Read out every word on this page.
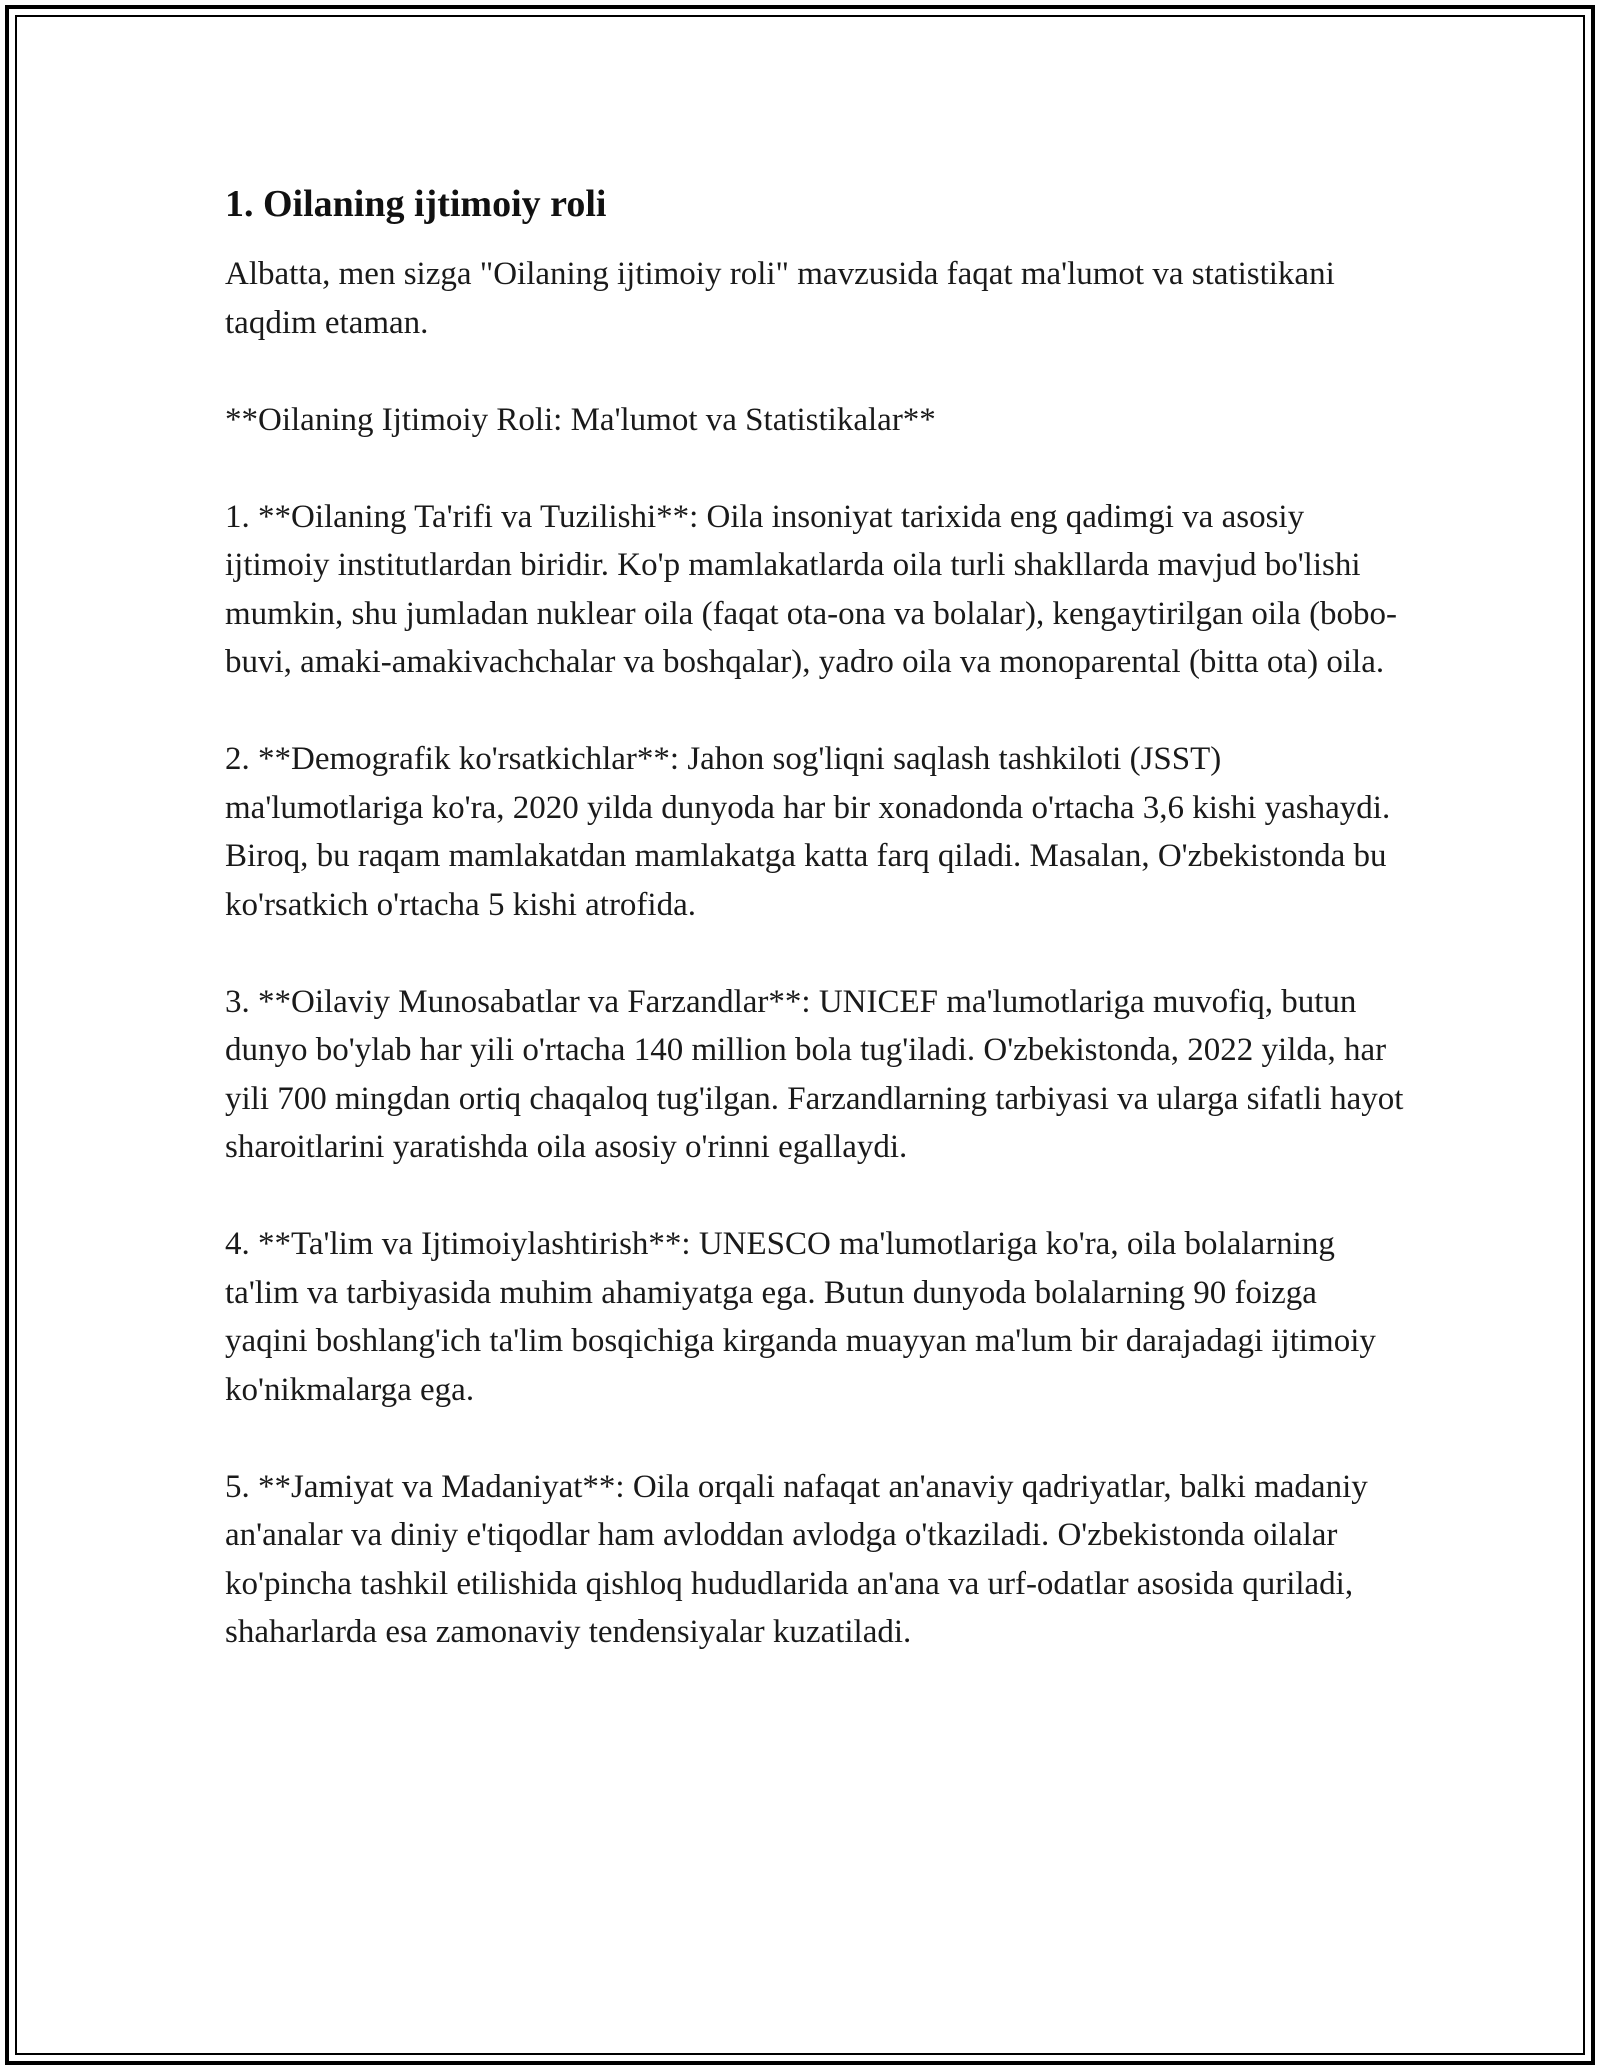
1. Oilaning ijtimoiy roli

Albatta, men sizga "Oilaning ijtimoiy roli" mavzusida faqat ma'lumot va statistikani taqdim etaman.

**Oilaning Ijtimoiy Roli: Ma'lumot va Statistikalar**

1. **Oilaning Ta'rifi va Tuzilishi**: Oila insoniyat tarixida eng qadimgi va asosiy ijtimoiy institutlardan biridir. Ko'p mamlakatlarda oila turli shakllarda mavjud bo'lishi mumkin, shu jumladan nuklear oila (faqat ota-ona va bolalar), kengaytirilgan oila (bobo-buvi, amaki-amakivachchalar va boshqalar), yadro oila va monoparental (bitta ota) oila.

2. **Demografik ko'rsatkichlar**: Jahon sog'liqni saqlash tashkiloti (JSST) ma'lumotlariga ko'ra, 2020 yilda dunyoda har bir xonadonda o'rtacha 3,6 kishi yashaydi. Biroq, bu raqam mamlakatdan mamlakatga katta farq qiladi. Masalan, O'zbekistonda bu ko'rsatkich o'rtacha 5 kishi atrofida.

3. **Oilaviy Munosabatlar va Farzandlar**: UNICEF ma'lumotlariga muvofiq, butun dunyo bo'ylab har yili o'rtacha 140 million bola tug'iladi. O'zbekistonda, 2022 yilda, har yili 700 mingdan ortiq chaqaloq tug'ilgan. Farzandlarning tarbiyasi va ularga sifatli hayot sharoitlarini yaratishda oila asosiy o'rinni egallaydi.

4. **Ta'lim va Ijtimoiylashtirish**: UNESCO ma'lumotlariga ko'ra, oila bolalarning ta'lim va tarbiyasida muhim ahamiyatga ega. Butun dunyoda bolalarning 90 foizga yaqini boshlang'ich ta'lim bosqichiga kirganda muayyan ma'lum bir darajadagi ijtimoiy ko'nikmalarga ega.

5. **Jamiyat va Madaniyat**: Oila orqali nafaqat an'anaviy qadriyatlar, balki madaniy an'analar va diniy e'tiqodlar ham avloddan avlodga o'tkaziladi. O'zbekistonda oilalar ko'pincha tashkil etilishida qishloq hududlarida an'ana va urf-odatlar asosida quriladi, shaharlarda esa zamonaviy tendensiyalar kuzatiladi.
